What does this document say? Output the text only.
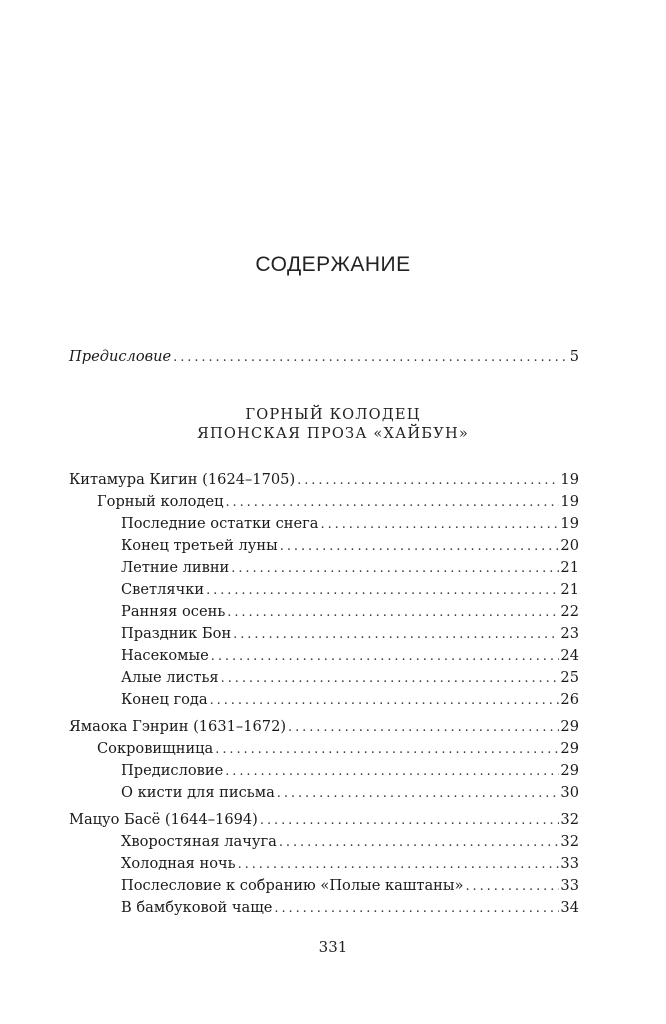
СОДЕРЖАНИЕ
Предисловие . . .	5
ГОРНЫЙ КОЛОДЕЦ
ЯПОНСКАЯ ПРОЗА «ХАЙБУН»
Китамура Кигин (1624–1705) . . .	19
Горный колодец . . .	19
Последние остатки снега . . .	19
Конец третьей луны . . .	20
Летние ливни . . .	21
Светлячки . . .	21
Ранняя осень . . .	22
Праздник Бон . . .	23
Насекомые . . .	24
Алые листья . . .	25
Конец года . . .	26
Ямаока Гэнрин (1631–1672) . . .	29
Сокровищница . . .	29
Предисловие . . .	29
О кисти для письма . . .	30
Мацуо Басё (1644–1694) . . .	32
Хворостяная лачуга . . .	32
Холодная ночь . . .	33
Послесловие к собранию «Полые каштаны» . . .	33
В бамбуковой чаще . . .	34
331
